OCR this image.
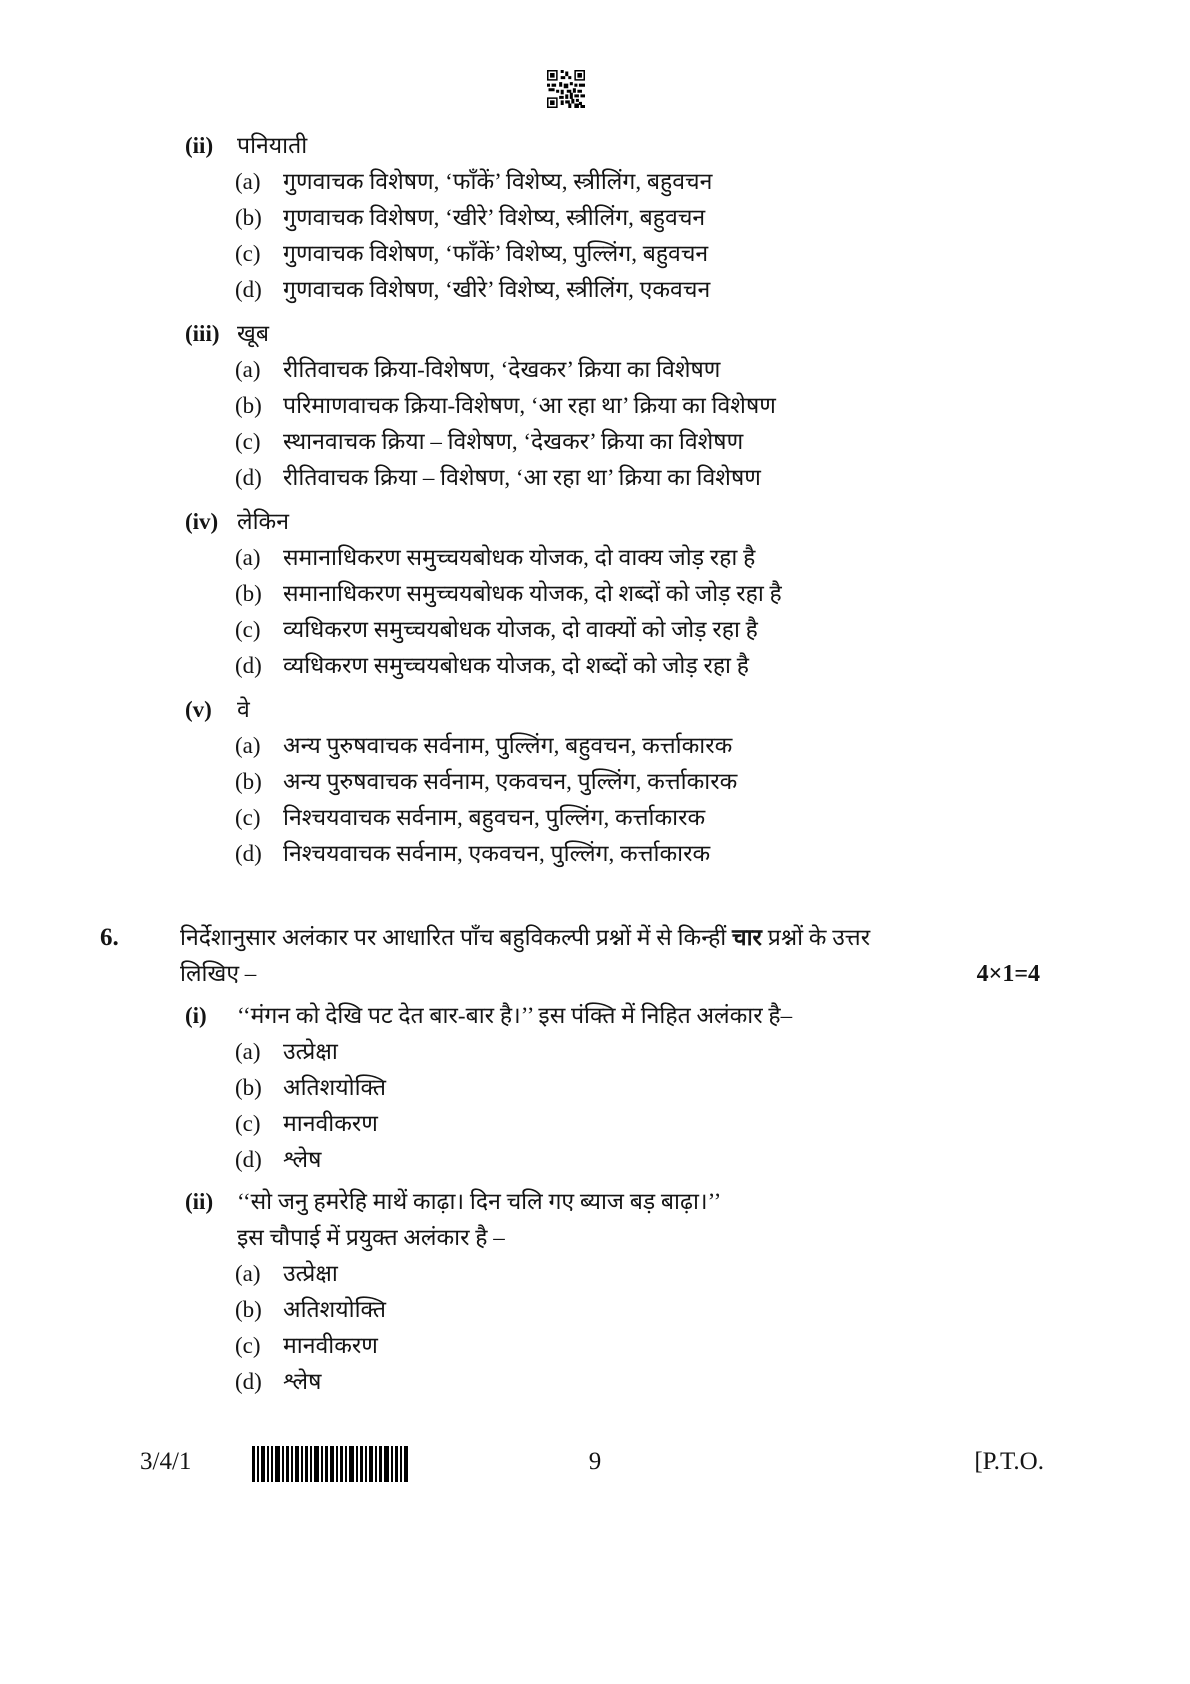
(ii)	पनियाती
(a) गुणवाचक विशेषण, ‘फाँकें’ विशेष्य, स्त्रीलिंग, बहुवचन
(b) गुणवाचक विशेषण, ‘खीरे’ विशेष्य, स्त्रीलिंग, बहुवचन
(c) गुणवाचक विशेषण, ‘फाँकें’ विशेष्य, पुल्लिंग, बहुवचन
(d) गुणवाचक विशेषण, ‘खीरे’ विशेष्य, स्त्रीलिंग, एकवचन
(iii) खूब
(a) रीतिवाचक क्रिया-विशेषण, ‘देखकर’ क्रिया का विशेषण
(b) परिमाणवाचक क्रिया-विशेषण, ‘आ रहा था’ क्रिया का विशेषण
(c) स्थानवाचक क्रिया – विशेषण, ‘देखकर’ क्रिया का विशेषण
(d) रीतिवाचक क्रिया – विशेषण, ‘आ रहा था’ क्रिया का विशेषण
(iv) लेकिन
(a) समानाधिकरण समुच्चयबोधक योजक, दो वाक्य जोड़ रहा है
(b) समानाधिकरण समुच्चयबोधक योजक, दो शब्दों को जोड़ रहा है
(c) व्यधिकरण समुच्चयबोधक योजक, दो वाक्यों को जोड़ रहा है
(d) व्यधिकरण समुच्चयबोधक योजक, दो शब्दों को जोड़ रहा है
(v)	वे
(a) अन्य पुरुषवाचक सर्वनाम, पुल्लिंग, बहुवचन, कर्त्ताकारक
(b) अन्य पुरुषवाचक सर्वनाम, एकवचन, पुल्लिंग, कर्त्ताकारक
(c) निश्चयवाचक सर्वनाम, बहुवचन, पुल्लिंग, कर्त्ताकारक
(d) निश्चयवाचक सर्वनाम, एकवचन, पुल्लिंग, कर्त्ताकारक
6.	निर्देशानुसार अलंकार पर आधारित पाँच बहुविकल्पी प्रश्नों में से किन्हीं चार प्रश्नों के उत्तर
लिखिए –	4×1=4
(i)	‘‘मंगन को देखि पट देत बार-बार है।’’ इस पंक्ति में निहित अलंकार है–
(a) उत्प्रेक्षा
(b) अतिशयोक्ति
(c) मानवीकरण
(d) श्लेष
(ii)	‘‘सो जनु हमरेहि माथें काढ़ा। दिन चलि गए ब्याज बड़ बाढ़ा।’’
इस चौपाई में प्रयुक्त अलंकार है –
(a) उत्प्रेक्षा
(b) अतिशयोक्ति
(c) मानवीकरण
(d) श्लेष
3/4/1	9	[P.T.O.
